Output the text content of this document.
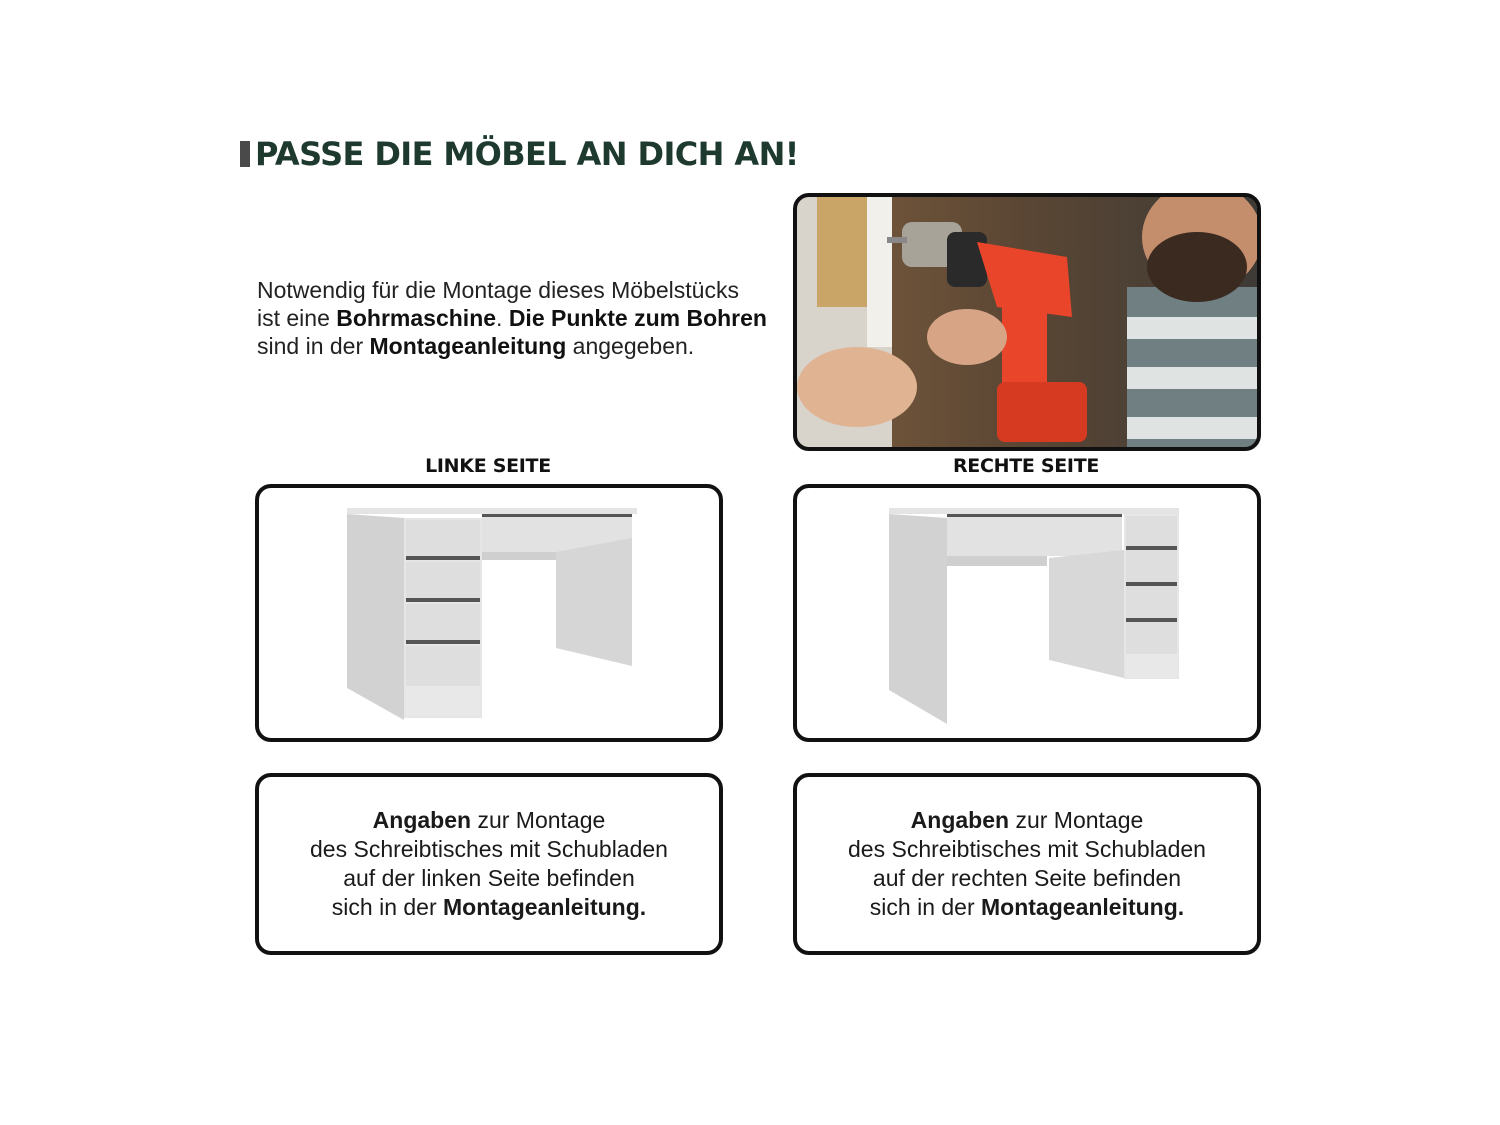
PASSE DIE MÖBEL AN DICH AN!
Notwendig für die Montage dieses Möbelstücks
ist eine Bohrmaschine. Die Punkte zum Bohren
sind in der Montageanleitung angegeben.
LINKE SEITE	RECHTE SEITE
Angaben zur Montage
des Schreibtisches mit Schubladen
auf der linken Seite befinden
sich in der Montageanleitung.
Angaben zur Montage
des Schreibtisches mit Schubladen
auf der rechten Seite befinden
sich in der Montageanleitung.
